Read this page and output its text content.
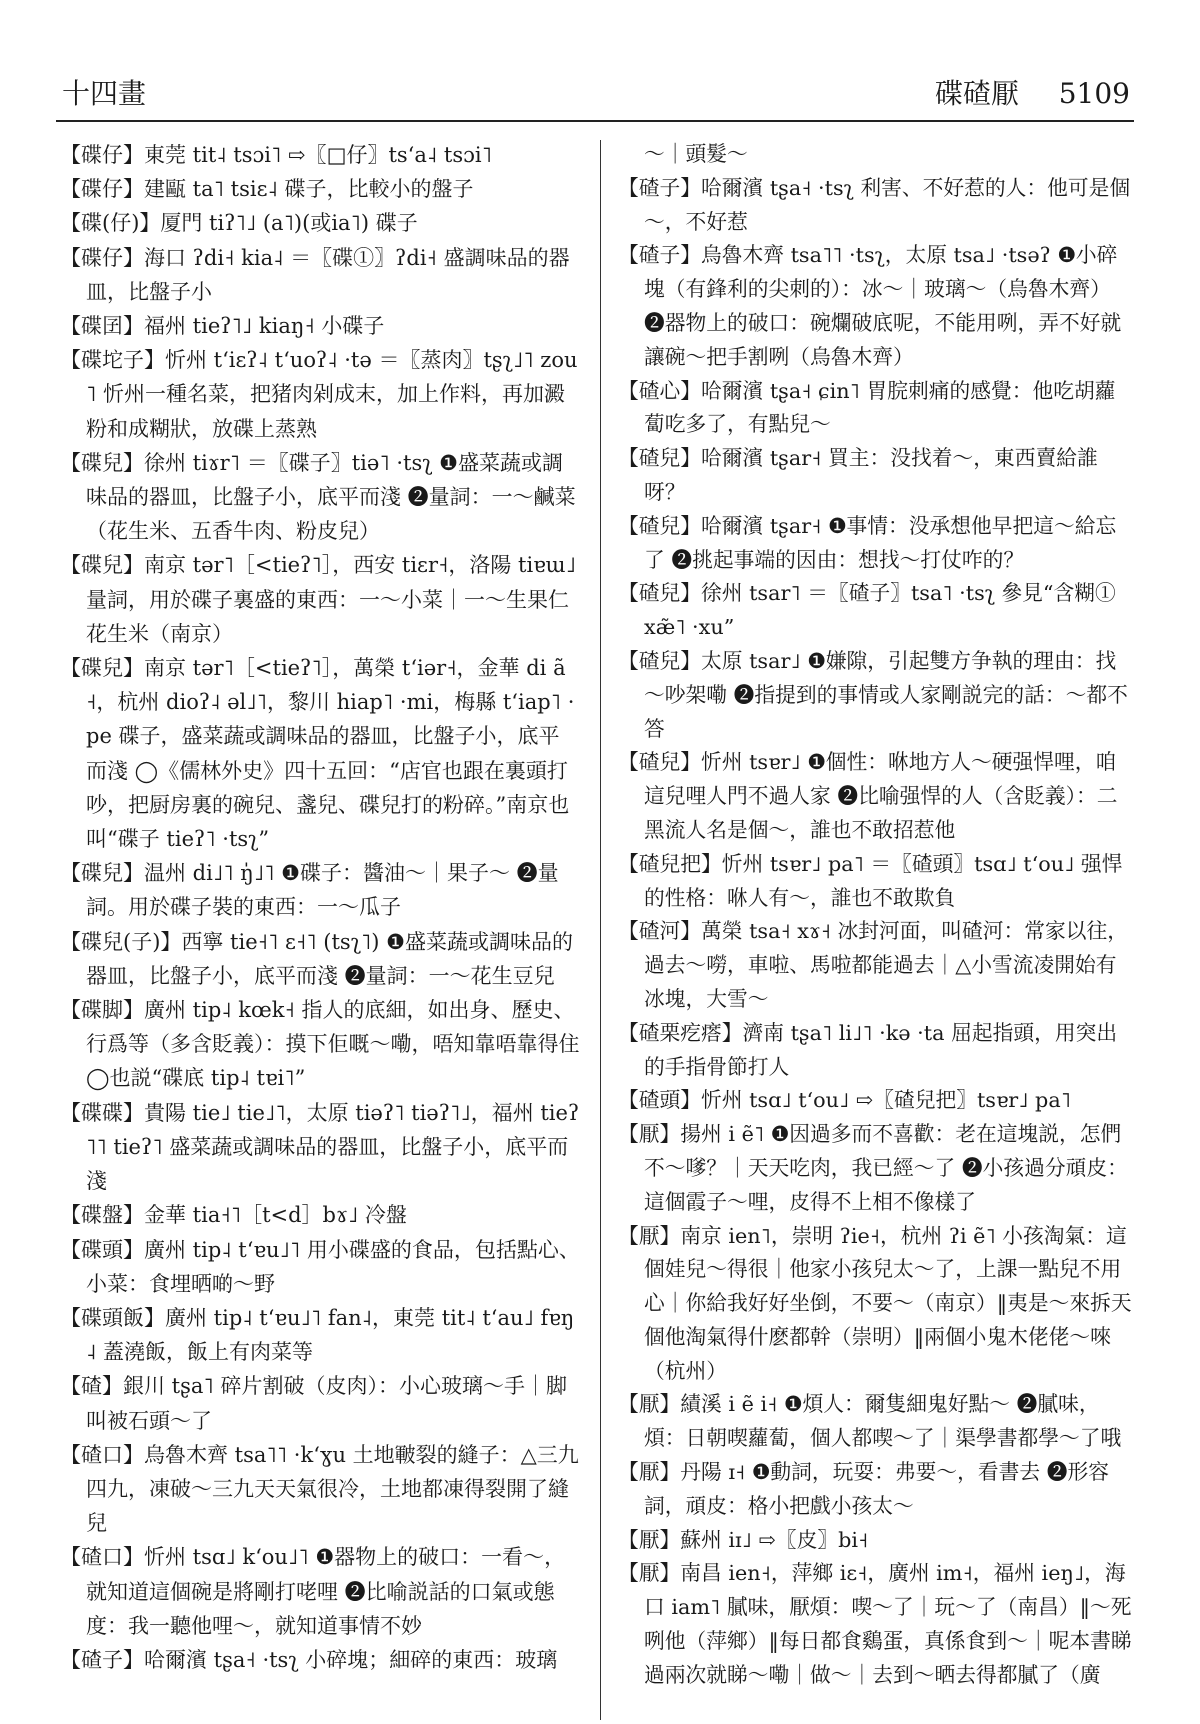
十四畫	碟碴厭 5109

【碟仔】東莞 tit˨ tsɔi˥ ⇨〖□仔〗tsʻa˨ tsɔi˥

【碟仔】建甌 ta˥ tsiɛ˨ 碟子，比較小的盤子

【碟(仔)】厦門 tiʔ˥˩ (a˥)(或ia˥) 碟子

【碟仔】海口 ʔdi˧ kia˨ ＝〖碟①〗ʔdi˧ 盛調味品的器皿，比盤子小

【碟囝】福州 tieʔ˥˩ kiaŋ˧ 小碟子

【碟坨子】忻州 tʻiɛʔ˨ tʻuoʔ˨ ·tə ＝〖蒸肉〗tʂʅ˩˥ zou˥ 忻州一種名菜，把猪肉剁成末，加上作料，再加澱粉和成糊狀，放碟上蒸熟

【碟兒】徐州 tiɤr˥ ＝〖碟子〗tiə˥ ·tsʅ ❶盛菜蔬或調味品的器皿，比盤子小，底平而淺 ❷量詞：一～鹹菜（花生米、五香牛肉、粉皮兒）

【碟兒】南京 tər˥［<tieʔ˥］，西安 tiɛr˧，洛陽 tiɐɯ˩ 量詞，用於碟子裏盛的東西：一～小菜｜一～生果仁花生米（南京）

【碟兒】南京 tər˥［<tieʔ˥］，萬榮 tʻiər˧，金華 di ã˧，杭州 dioʔ˨ əl˩˥，黎川 hiap˥ ·mi，梅縣 tʻiap˥ ·pe 碟子，盛菜蔬或調味品的器皿，比盤子小，底平而淺 ◯《儒林外史》四十五回：“店官也跟在裏頭打吵，把厨房裏的碗兒、盞兒、碟兒打的粉碎。”南京也叫“碟子 tieʔ˥ ·tsʅ”

【碟兒】温州 di˩˥ ŋ̍˩˥ ❶碟子：醬油～｜果子～ ❷量詞。用於碟子裝的東西：一～瓜子

【碟兒(子)】西寧 tie˧˥ ɛ˧˥ (tsʅ˥) ❶盛菜蔬或調味品的器皿，比盤子小，底平而淺 ❷量詞：一～花生豆兒

【碟脚】廣州 tip˨ kœk˧ 指人的底細，如出身、歷史、行爲等（多含貶義）：摸下佢嘅～嘞，唔知靠唔靠得住 ◯也説“碟底 tip˨ tɐi˥”

【碟碟】貴陽 tie˩ tie˩˥，太原 tiəʔ˥ tiəʔ˥˩，福州 tieʔ˥˥ tieʔ˥ 盛菜蔬或調味品的器皿，比盤子小，底平而淺

【碟盤】金華 tia˧˥［t<d］bɤ˩ 冷盤

【碟頭】廣州 tip˨ tʻɐu˩˥ 用小碟盛的食品，包括點心、小菜：食埋晒啲～野

【碟頭飯】廣州 tip˨ tʻɐu˩˥ fan˨，東莞 tit˨ tʻau˩ fɐŋ˨ 蓋澆飯，飯上有肉菜等

【碴】銀川 tʂa˥ 碎片割破（皮肉）：小心玻璃～手｜脚叫被石頭～了

【碴口】烏魯木齊 tsa˥˥ ·kʻɣu 土地皸裂的縫子：△三九四九，凍破～三九天天氣很冷，土地都凍得裂開了縫兒

【碴口】忻州 tsɑ˩ kʻou˩˥ ❶器物上的破口：一看～，就知道這個碗是將剛打咾哩 ❷比喻説話的口氣或態度：我一聽他哩～，就知道事情不妙

【碴子】哈爾濱 tʂa˧ ·tsʅ 小碎塊；細碎的東西：玻璃

～｜頭髮～

【碴子】哈爾濱 tʂa˧ ·tsʅ 利害、不好惹的人：他可是個～，不好惹

【碴子】烏魯木齊 tsa˥˥ ·tsʅ，太原 tsa˩ ·tsəʔ ❶小碎塊（有鋒利的尖刺的）：冰～｜玻璃～（烏魯木齊） ❷器物上的破口：碗爛破底呢，不能用咧，弄不好就讓碗～把手割咧（烏魯木齊）

【碴心】哈爾濱 tʂa˧ ɕin˥ 胃脘刺痛的感覺：他吃胡蘿蔔吃多了，有點兒～

【碴兒】哈爾濱 tʂar˧ 買主：没找着～，東西賣給誰呀？

【碴兒】哈爾濱 tʂar˧ ❶事情：没承想他早把這～給忘了 ❷挑起事端的因由：想找～打仗咋的？

【碴兒】徐州 tsar˥ ＝〖碴子〗tsa˥ ·tsʅ 參見“含糊① xæ̃˥ ·xu”

【碴兒】太原 tsar˩ ❶嫌隙，引起雙方争執的理由：找～吵架嘞 ❷指提到的事情或人家剛説完的話：～都不答

【碴兒】忻州 tsɐr˩ ❶個性：咻地方人～硬强悍哩，咱這兒哩人門不過人家 ❷比喻强悍的人（含貶義）：二黑流人名是個～，誰也不敢招惹他

【碴兒把】忻州 tsɐr˩ pa˥ ＝〖碴頭〗tsɑ˩ tʻou˩ 强悍的性格：咻人有～，誰也不敢欺負

【碴河】萬榮 tsa˧ xɤ˧ 冰封河面，叫碴河：常家以往，過去～嘮，車啦、馬啦都能過去｜△小雪流凌開始有冰塊，大雪～

【碴栗疙瘩】濟南 tʂa˥ li˩˥ ·kə ·ta 屈起指頭，用突出的手指骨節打人

【碴頭】忻州 tsɑ˩ tʻou˩ ⇨〖碴兒把〗tsɐr˩ pa˥

【厭】揚州 i ẽ˥ ❶因過多而不喜歡：老在這塊説，怎們不～嗲？｜天天吃肉，我已經～了 ❷小孩過分頑皮：這個霞子～哩，皮得不上相不像樣了

【厭】南京 ien˥，崇明 ʔie˧，杭州 ʔi ẽ˥ 小孩淘氣：這個娃兒～得很｜他家小孩兒太～了，上課一點兒不用心｜你給我好好坐倒，不要～（南京）‖夷是～來拆天個他淘氣得什麽都幹（崇明）‖兩個小鬼木佬佬～唻（杭州）

【厭】績溪 i ẽ i˧ ❶煩人：爾隻細鬼好點～ ❷膩味，煩：日朝喫蘿蔔，個人都喫～了｜渠學書都學～了哦

【厭】丹陽 ɪ˧ ❶動詞，玩耍：弗要～，看書去 ❷形容詞，頑皮：格小把戲小孩太～

【厭】蘇州 iɪ˩ ⇨〖皮〗bi˧

【厭】南昌 ien˧，萍鄉 iɛ˧，廣州 im˧，福州 ieŋ˩，海口 iam˥ 膩味，厭煩：喫～了｜玩～了（南昌）‖～死咧他（萍鄉）‖每日都食鷄蛋，真係食到～｜呢本書睇過兩次就睇～嘞｜做～｜去到～晒去得都膩了（廣
